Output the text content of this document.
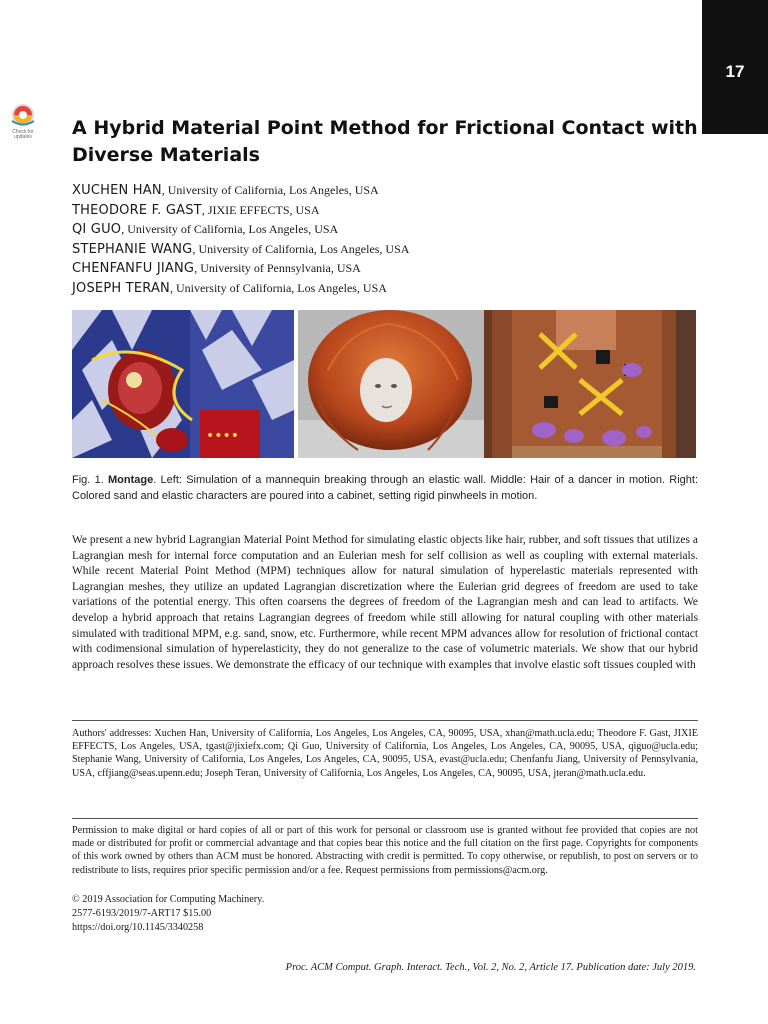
17
Check for updates	A Hybrid Material Point Method for Frictional Contact with Diverse Materials
XUCHEN HAN, University of California, Los Angeles, USA
THEODORE F. GAST, JIXIE EFFECTS, USA
QI GUO, University of California, Los Angeles, USA
STEPHANIE WANG, University of California, Los Angeles, USA
CHENFANFU JIANG, University of Pennsylvania, USA
JOSEPH TERAN, University of California, Los Angeles, USA
••••
Fig. 1. Montage. Left: Simulation of a mannequin breaking through an elastic wall. Middle: Hair of a dancer in motion. Right: Colored sand and elastic characters are poured into a cabinet, setting rigid pinwheels in motion.

We present a new hybrid Lagrangian Material Point Method for simulating elastic objects like hair, rubber, and soft tissues that utilizes a Lagrangian mesh for internal force computation and an Eulerian mesh for self collision as well as coupling with external materials. While recent Material Point Method (MPM) techniques allow for natural simulation of hyperelastic materials represented with Lagrangian meshes, they utilize an updated Lagrangian discretization where the Eulerian grid degrees of freedom are used to take variations of the potential energy. This often coarsens the degrees of freedom of the Lagrangian mesh and can lead to artifacts. We develop a hybrid approach that retains Lagrangian degrees of freedom while still allowing for natural coupling with other materials simulated with traditional MPM, e.g. sand, snow, etc. Furthermore, while recent MPM advances allow for resolution of frictional contact with codimensional simulation of hyperelasticity, they do not generalize to the case of volumetric materials. We show that our hybrid approach resolves these issues. We demonstrate the efficacy of our technique with examples that involve elastic soft tissues coupled with

Authors' addresses: Xuchen Han, University of California, Los Angeles, Los Angeles, CA, 90095, USA, xhan@math.ucla.edu; Theodore F. Gast, JIXIE EFFECTS, Los Angeles, USA, tgast@jixiefx.com; Qi Guo, University of California, Los Angeles, Los Angeles, CA, 90095, USA, qiguo@ucla.edu; Stephanie Wang, University of California, Los Angeles, Los Angeles, CA, 90095, USA, evast@ucla.edu; Chenfanfu Jiang, University of Pennsylvania, USA, cffjiang@seas.upenn.edu; Joseph Teran, University of California, Los Angeles, Los Angeles, CA, 90095, USA, jteran@math.ucla.edu.

Permission to make digital or hard copies of all or part of this work for personal or classroom use is granted without fee provided that copies are not made or distributed for profit or commercial advantage and that copies bear this notice and the full citation on the first page. Copyrights for components of this work owned by others than ACM must be honored. Abstracting with credit is permitted. To copy otherwise, or republish, to post on servers or to redistribute to lists, requires prior specific permission and/or a fee. Request permissions from permissions@acm.org.

© 2019 Association for Computing Machinery.

2577-6193/2019/7-ART17 $15.00

https://doi.org/10.1145/3340258

Proc. ACM Comput. Graph. Interact. Tech., Vol. 2, No. 2, Article 17. Publication date: July 2019.
